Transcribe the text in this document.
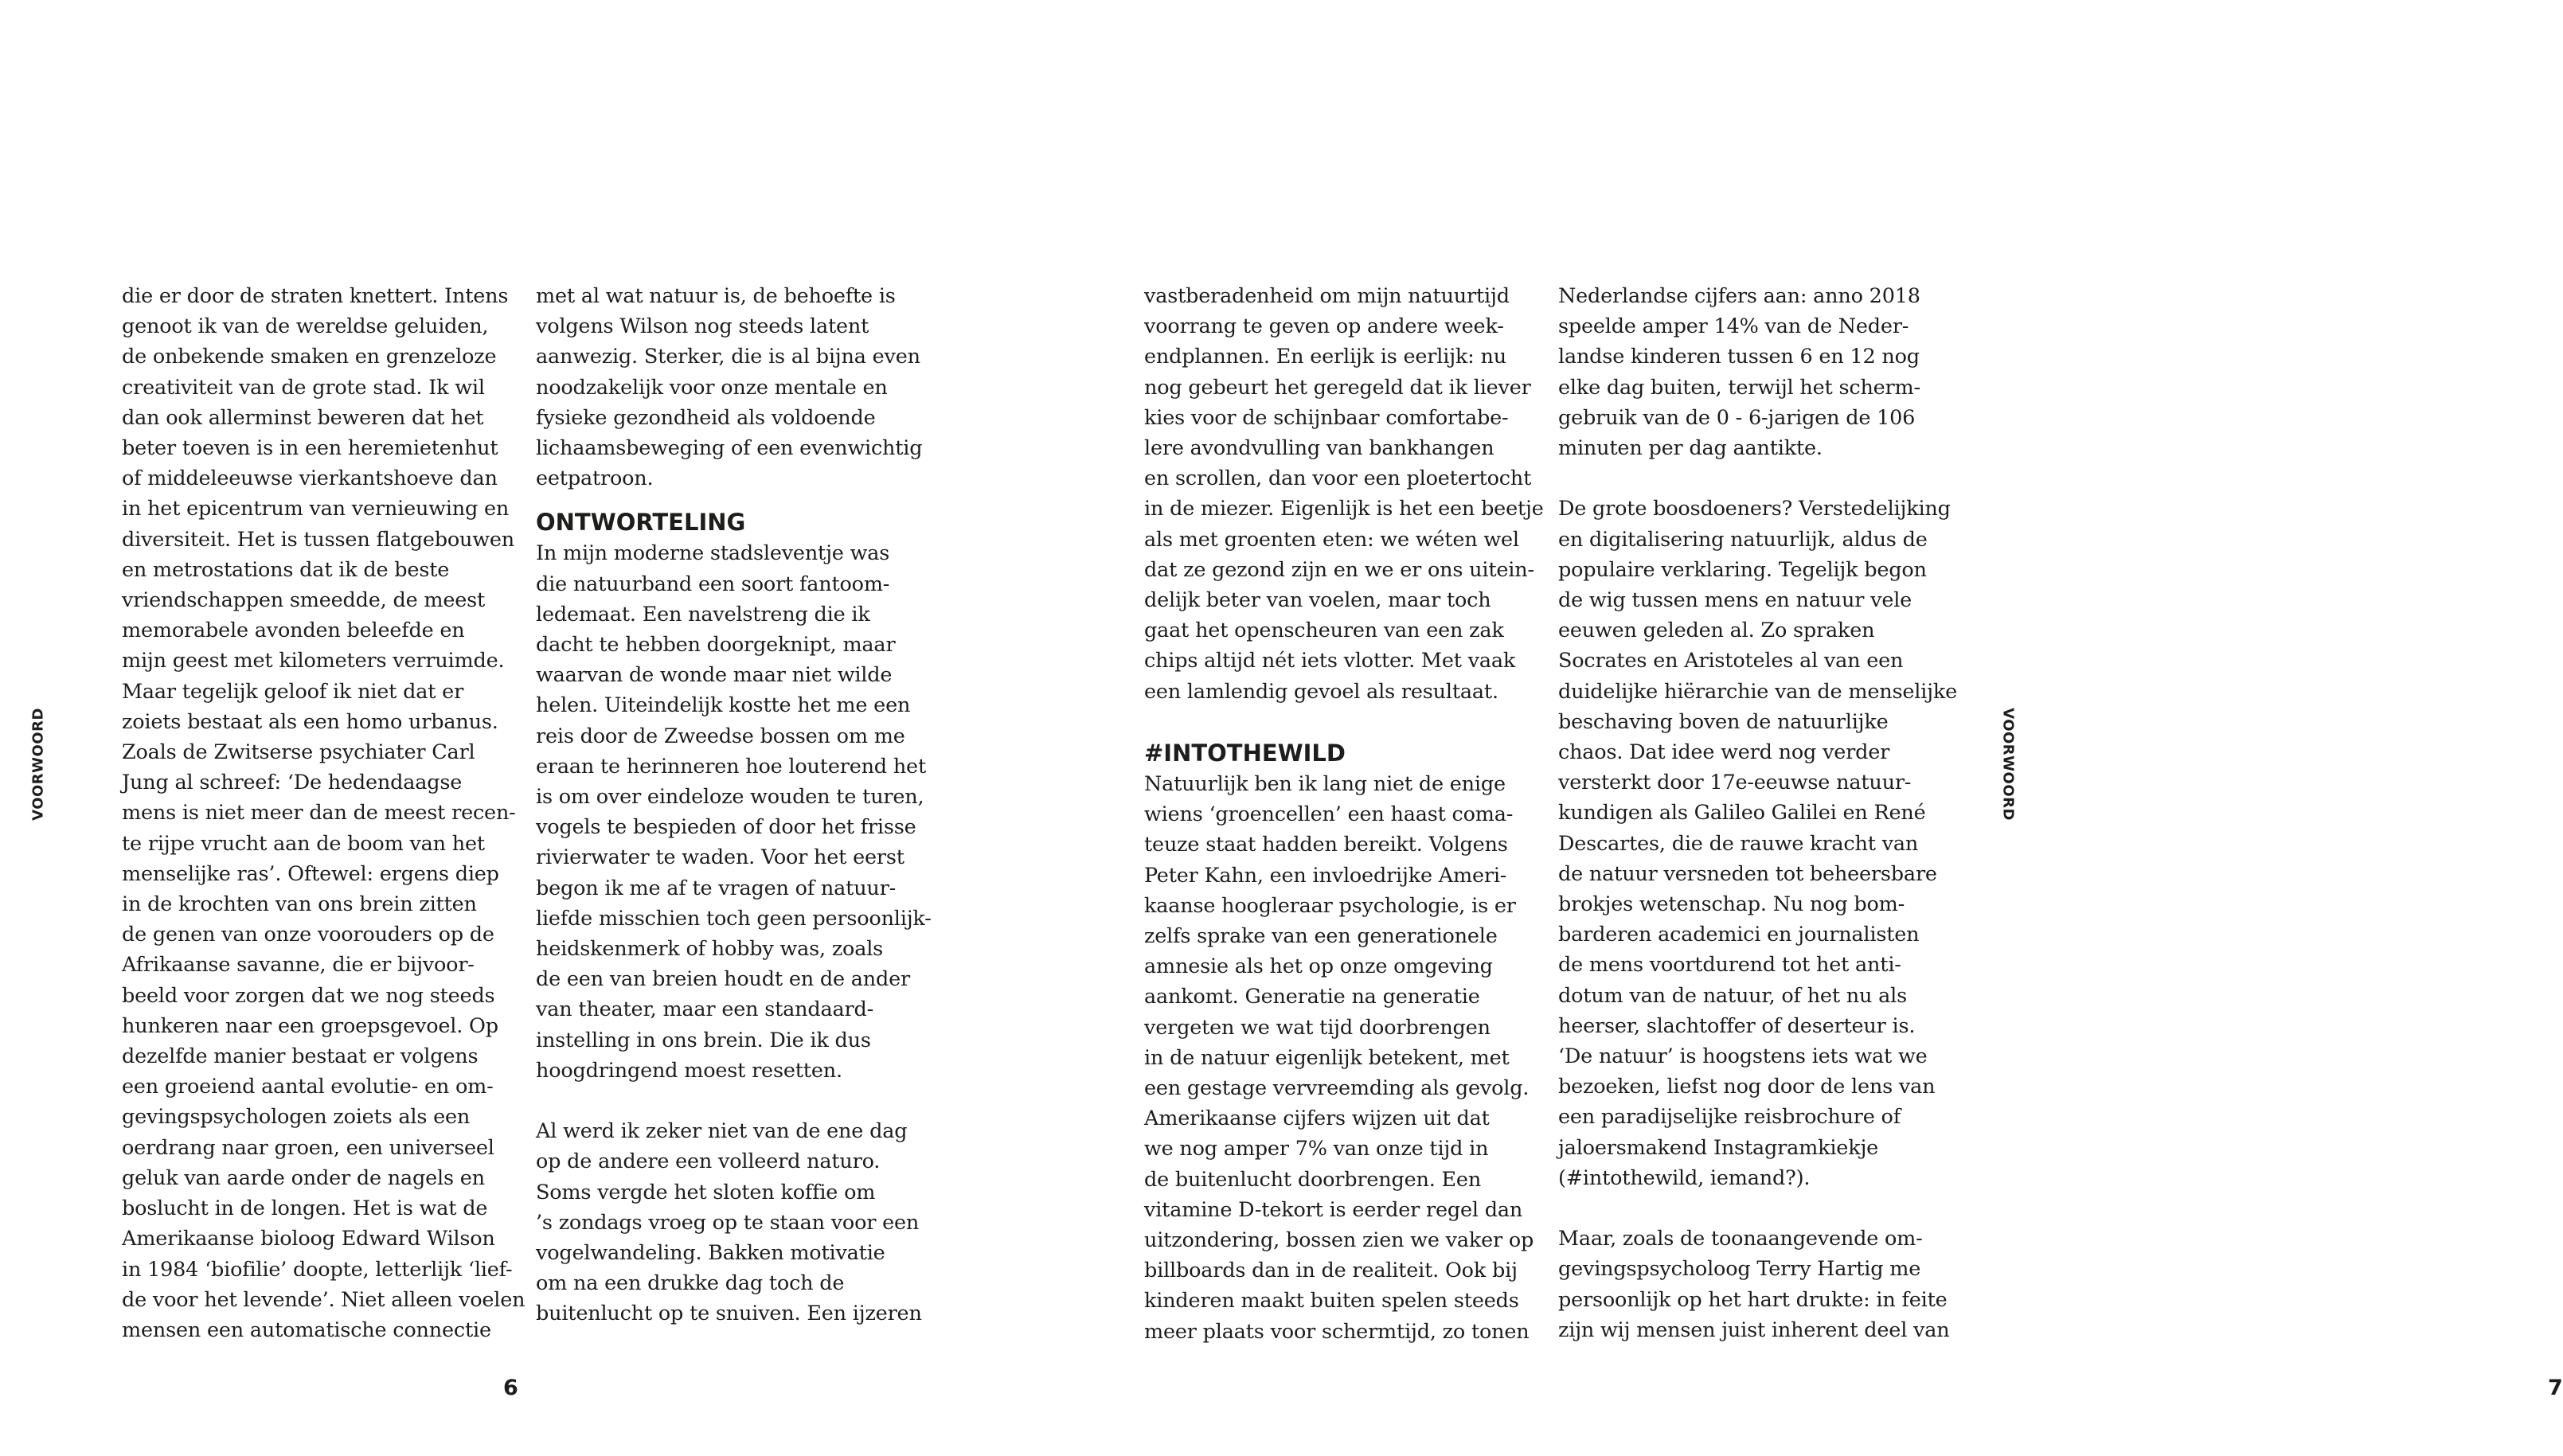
VOORWOORD

die er door de straten knettert. Intens

genoot ik van de wereldse geluiden,

de onbekende smaken en grenzeloze

creativiteit van de grote stad. Ik wil

dan ook allerminst beweren dat het

beter toeven is in een heremietenhut

of middeleeuwse vierkantshoeve dan

in het epicentrum van vernieuwing en

diversiteit. Het is tussen flatgebouwen

en metrostations dat ik de beste

vriendschappen smeedde, de meest

memorabele avonden beleefde en

mijn geest met kilometers verruimde.

Maar tegelijk geloof ik niet dat er

zoiets bestaat als een homo urbanus.

Zoals de Zwitserse psychiater Carl

Jung al schreef: ‘De hedendaagse

mens is niet meer dan de meest recen-

te rijpe vrucht aan de boom van het

menselijke ras’. Oftewel: ergens diep

in de krochten van ons brein zitten

de genen van onze voorouders op de

Afrikaanse savanne, die er bijvoor-

beeld voor zorgen dat we nog steeds

hunkeren naar een groepsgevoel. Op

dezelfde manier bestaat er volgens

een groeiend aantal evolutie- en om-

gevingspsychologen zoiets als een

oerdrang naar groen, een universeel

geluk van aarde onder de nagels en

boslucht in de longen. Het is wat de

Amerikaanse bioloog Edward Wilson

in 1984 ‘biofilie’ doopte, letterlijk ‘lief-

de voor het levende’. Niet alleen voelen

mensen een automatische connectie

met al wat natuur is, de behoefte is

volgens Wilson nog steeds latent

aanwezig. Sterker, die is al bijna even

noodzakelijk voor onze mentale en

fysieke gezondheid als voldoende

lichaamsbeweging of een evenwichtig

eetpatroon.

ONTWORTELING

In mijn moderne stadsleventje was

die natuurband een soort fantoom-

ledemaat. Een navelstreng die ik

dacht te hebben doorgeknipt, maar

waarvan de wonde maar niet wilde

helen. Uiteindelijk kostte het me een

reis door de Zweedse bossen om me

eraan te herinneren hoe louterend het

is om over eindeloze wouden te turen,

vogels te bespieden of door het frisse

rivierwater te waden. Voor het eerst

begon ik me af te vragen of natuur-

liefde misschien toch geen persoonlijk-

heidskenmerk of hobby was, zoals

de een van breien houdt en de ander

van theater, maar een standaard-

instelling in ons brein. Die ik dus

hoogdringend moest resetten.

Al werd ik zeker niet van de ene dag

op de andere een volleerd naturo.

Soms vergde het sloten koffie om

’s zondags vroeg op te staan voor een

vogelwandeling. Bakken motivatie

om na een drukke dag toch de

buitenlucht op te snuiven. Een ijzeren

6

vastberadenheid om mijn natuurtijd

voorrang te geven op andere week-

endplannen. En eerlijk is eerlijk: nu

nog gebeurt het geregeld dat ik liever

kies voor de schijnbaar comfortabe-

lere avondvulling van bankhangen

en scrollen, dan voor een ploetertocht

in de miezer. Eigenlijk is het een beetje

als met groenten eten: we wéten wel

dat ze gezond zijn en we er ons uitein-

delijk beter van voelen, maar toch

gaat het openscheuren van een zak

chips altijd nét iets vlotter. Met vaak

een lamlendig gevoel als resultaat.

#INTOTHEWILD

Natuurlijk ben ik lang niet de enige

wiens ‘groencellen’ een haast coma-

teuze staat hadden bereikt. Volgens

Peter Kahn, een invloedrijke Ameri-

kaanse hoogleraar psychologie, is er

zelfs sprake van een generationele

amnesie als het op onze omgeving

aankomt. Generatie na generatie

vergeten we wat tijd doorbrengen

in de natuur eigenlijk betekent, met

een gestage vervreemding als gevolg.

Amerikaanse cijfers wijzen uit dat

we nog amper 7% van onze tijd in

de buitenlucht doorbrengen. Een

vitamine D-tekort is eerder regel dan

uitzondering, bossen zien we vaker op

billboards dan in de realiteit. Ook bij

kinderen maakt buiten spelen steeds

meer plaats voor schermtijd, zo tonen

Nederlandse cijfers aan: anno 2018

speelde amper 14% van de Neder-

landse kinderen tussen 6 en 12 nog

elke dag buiten, terwijl het scherm-

gebruik van de 0 - 6-jarigen de 106

minuten per dag aantikte.

De grote boosdoeners? Verstedelijking

en digitalisering natuurlijk, aldus de

populaire verklaring. Tegelijk begon

de wig tussen mens en natuur vele

eeuwen geleden al. Zo spraken

Socrates en Aristoteles al van een

duidelijke hiërarchie van de menselijke

beschaving boven de natuurlijke

chaos. Dat idee werd nog verder

versterkt door 17e-eeuwse natuur-

kundigen als Galileo Galilei en René

Descartes, die de rauwe kracht van

de natuur versneden tot beheersbare

brokjes wetenschap. Nu nog bom-

barderen academici en journalisten

de mens voortdurend tot het anti-

dotum van de natuur, of het nu als

heerser, slachtoffer of deserteur is.

‘De natuur’ is hoogstens iets wat we

bezoeken, liefst nog door de lens van

een paradijselijke reisbrochure of

jaloersmakend Instagramkiekje

(#intothewild, iemand?).

Maar, zoals de toonaangevende om-

gevingspsycholoog Terry Hartig me

persoonlijk op het hart drukte: in feite

zijn wij mensen juist inherent deel van

7
VOORWOORD
